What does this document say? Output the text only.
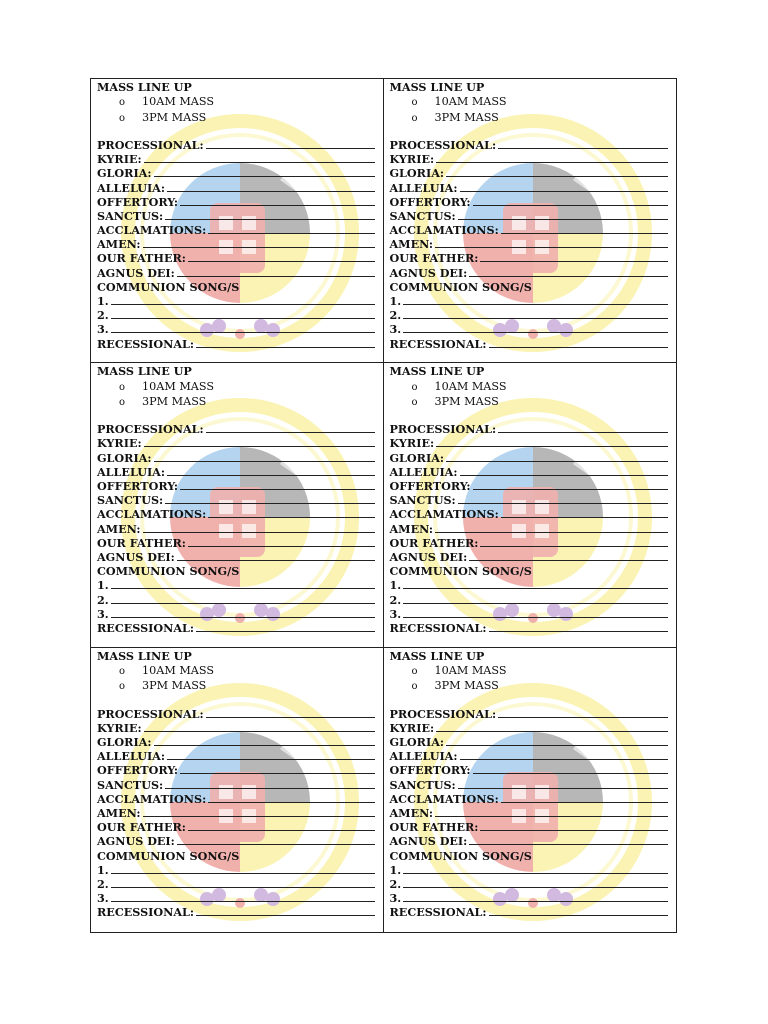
MASS LINE UP
o 10AM MASS
o 3PM MASS
PROCESSIONAL:
KYRIE:
GLORIA:
ALLELUIA:
OFFERTORY:
SANCTUS:
ACCLAMATIONS:
AMEN:
OUR FATHER:
AGNUS DEI:
COMMUNION SONG/S
1.
2.
3.
RECESSIONAL:
MASS LINE UP
o 10AM MASS
o 3PM MASS
PROCESSIONAL:
KYRIE:
GLORIA:
ALLELUIA:
OFFERTORY:
SANCTUS:
ACCLAMATIONS:
AMEN:
OUR FATHER:
AGNUS DEI:
COMMUNION SONG/S
1.
2.
3.
RECESSIONAL:
MASS LINE UP
o 10AM MASS
o 3PM MASS
PROCESSIONAL:
KYRIE:
GLORIA:
ALLELUIA:
OFFERTORY:
SANCTUS:
ACCLAMATIONS:
AMEN:
OUR FATHER:
AGNUS DEI:
COMMUNION SONG/S
1.
2.
3.
RECESSIONAL:
MASS LINE UP
o 10AM MASS
o 3PM MASS
PROCESSIONAL:
KYRIE:
GLORIA:
ALLELUIA:
OFFERTORY:
SANCTUS:
ACCLAMATIONS:
AMEN:
OUR FATHER:
AGNUS DEI:
COMMUNION SONG/S
1.
2.
3.
RECESSIONAL:
MASS LINE UP
o 10AM MASS
o 3PM MASS
PROCESSIONAL:
KYRIE:
GLORIA:
ALLELUIA:
OFFERTORY:
SANCTUS:
ACCLAMATIONS:
AMEN:
OUR FATHER:
AGNUS DEI:
COMMUNION SONG/S
1.
2.
3.
RECESSIONAL:
MASS LINE UP
o 10AM MASS
o 3PM MASS
PROCESSIONAL:
KYRIE:
GLORIA:
ALLELUIA:
OFFERTORY:
SANCTUS:
ACCLAMATIONS:
AMEN:
OUR FATHER:
AGNUS DEI:
COMMUNION SONG/S
1.
2.
3.
RECESSIONAL:
